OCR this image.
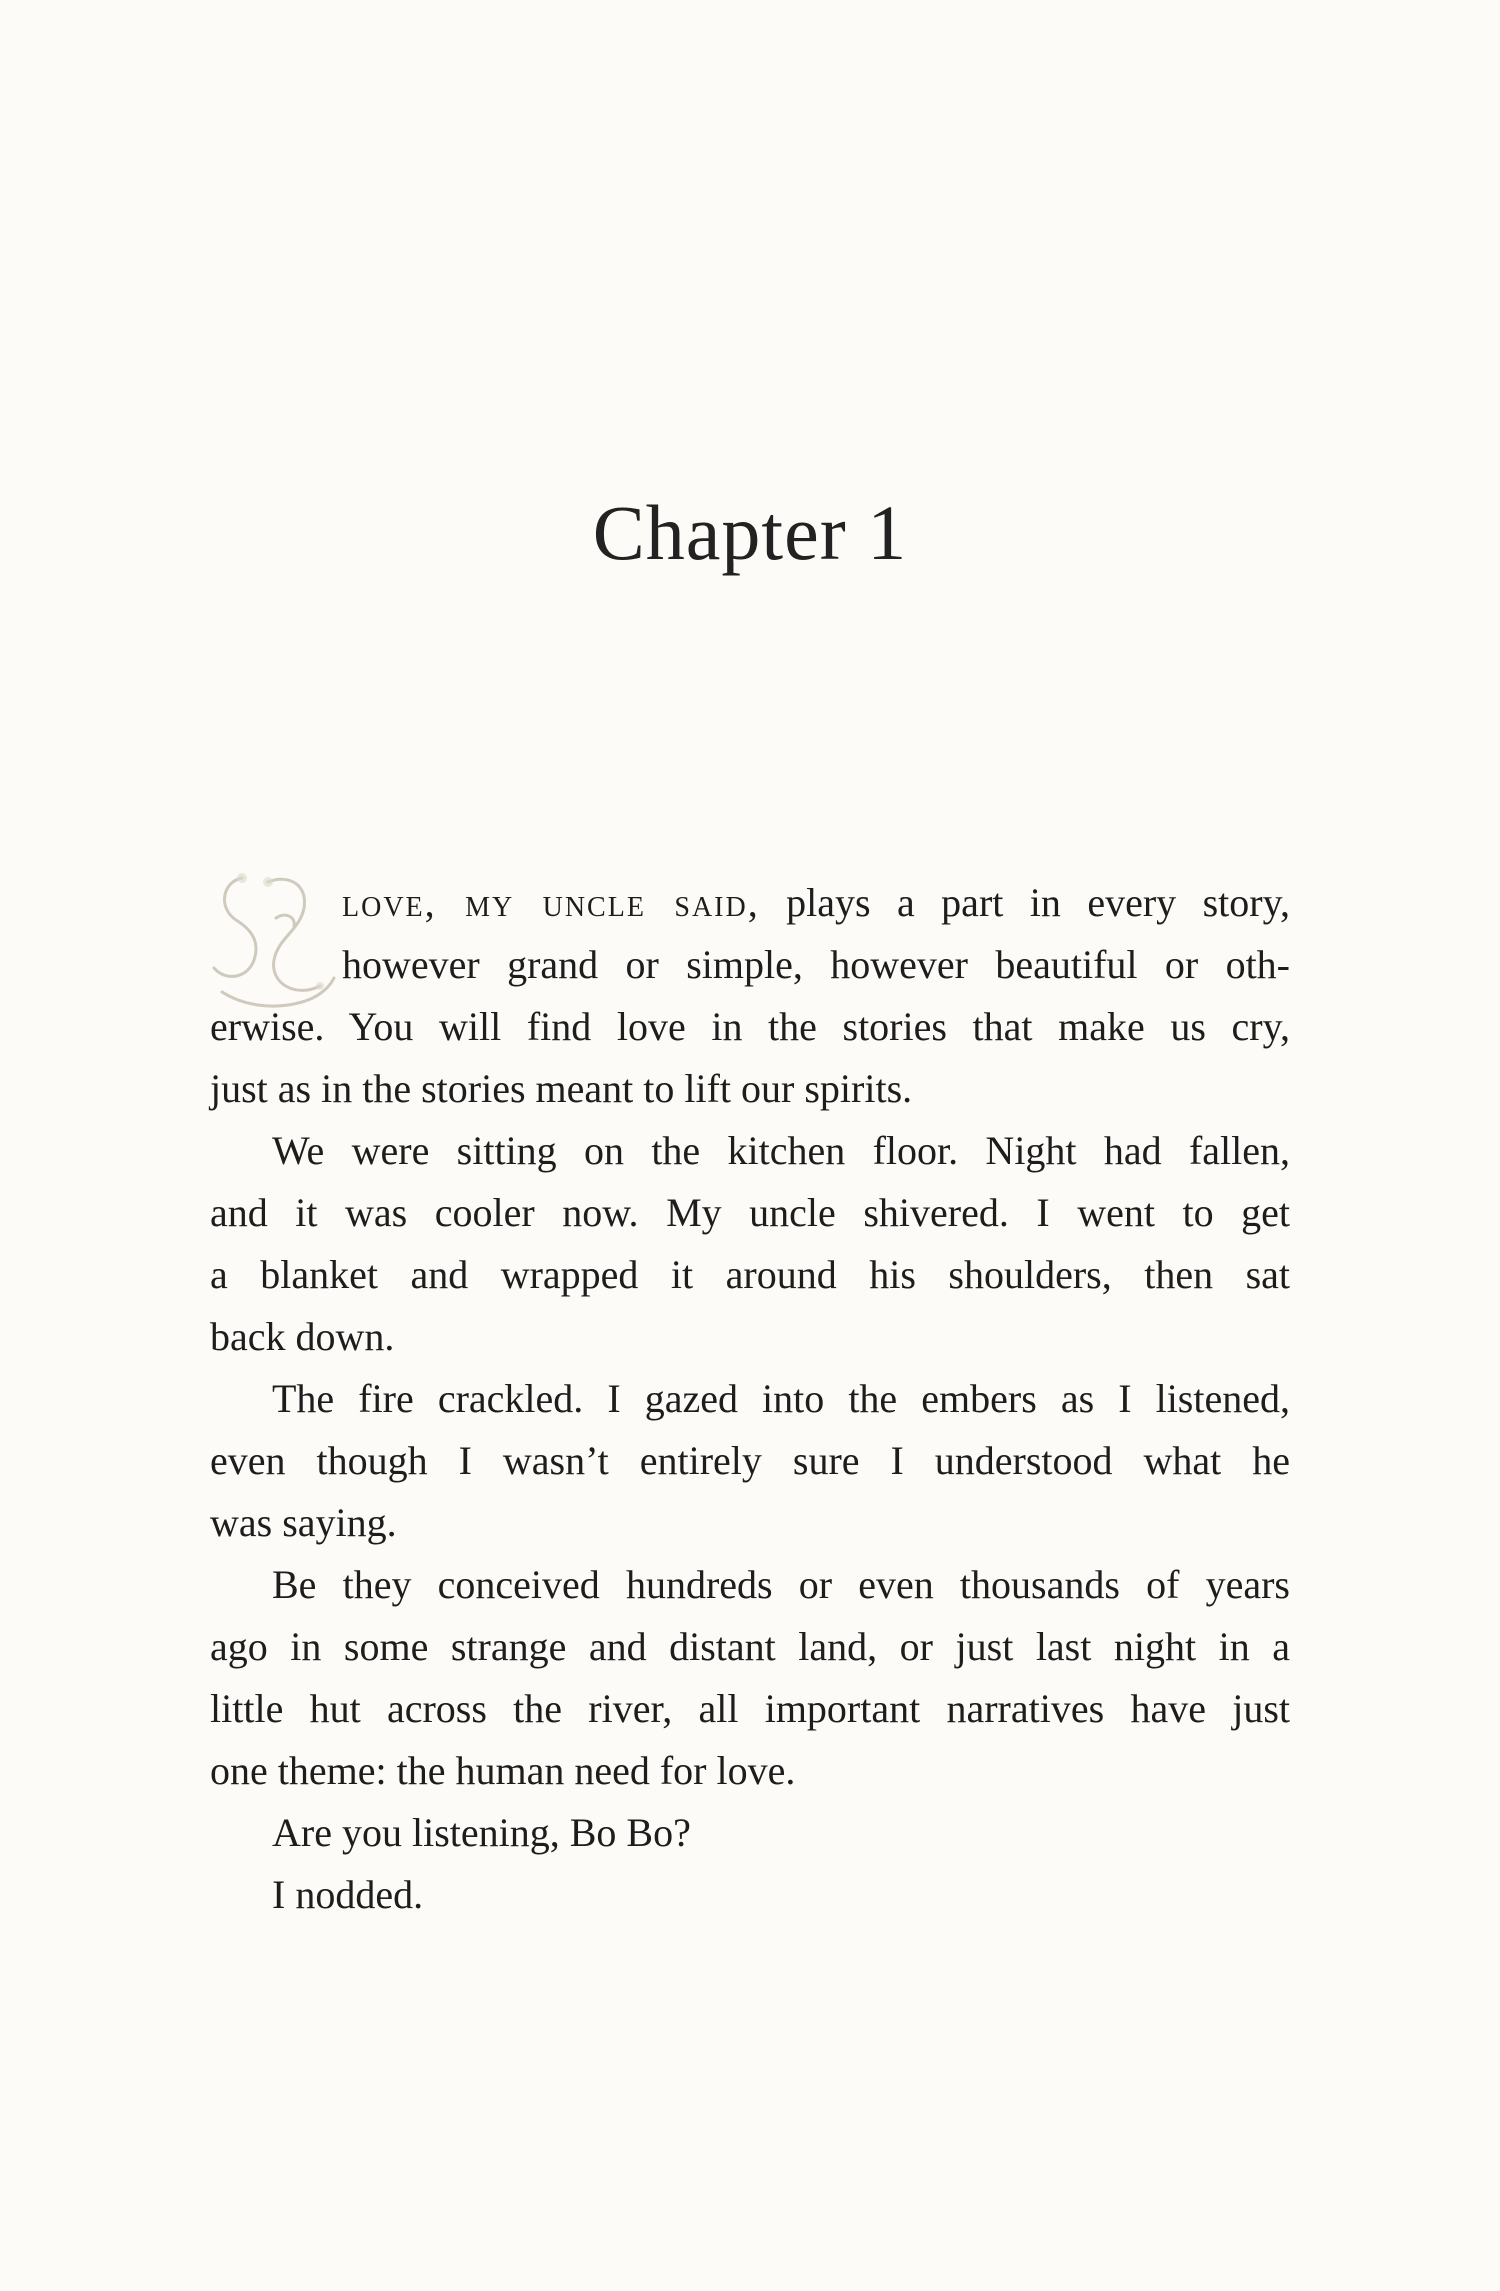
Chapter 1
love, my uncle said, plays a part in every story,
however grand or simple, however beautiful or oth-
erwise. You will find love in the stories that make us cry,
just as in the stories meant to lift our spirits.
We were sitting on the kitchen floor. Night had fallen,
and it was cooler now. My uncle shivered. I went to get
a blanket and wrapped it around his shoulders, then sat
back down.
The fire crackled. I gazed into the embers as I listened,
even though I wasn’t entirely sure I understood what he
was saying.
Be they conceived hundreds or even thousands of years
ago in some strange and distant land, or just last night in a
little hut across the river, all important narratives have just
one theme: the human need for love.
Are you listening, Bo Bo?
I nodded.
